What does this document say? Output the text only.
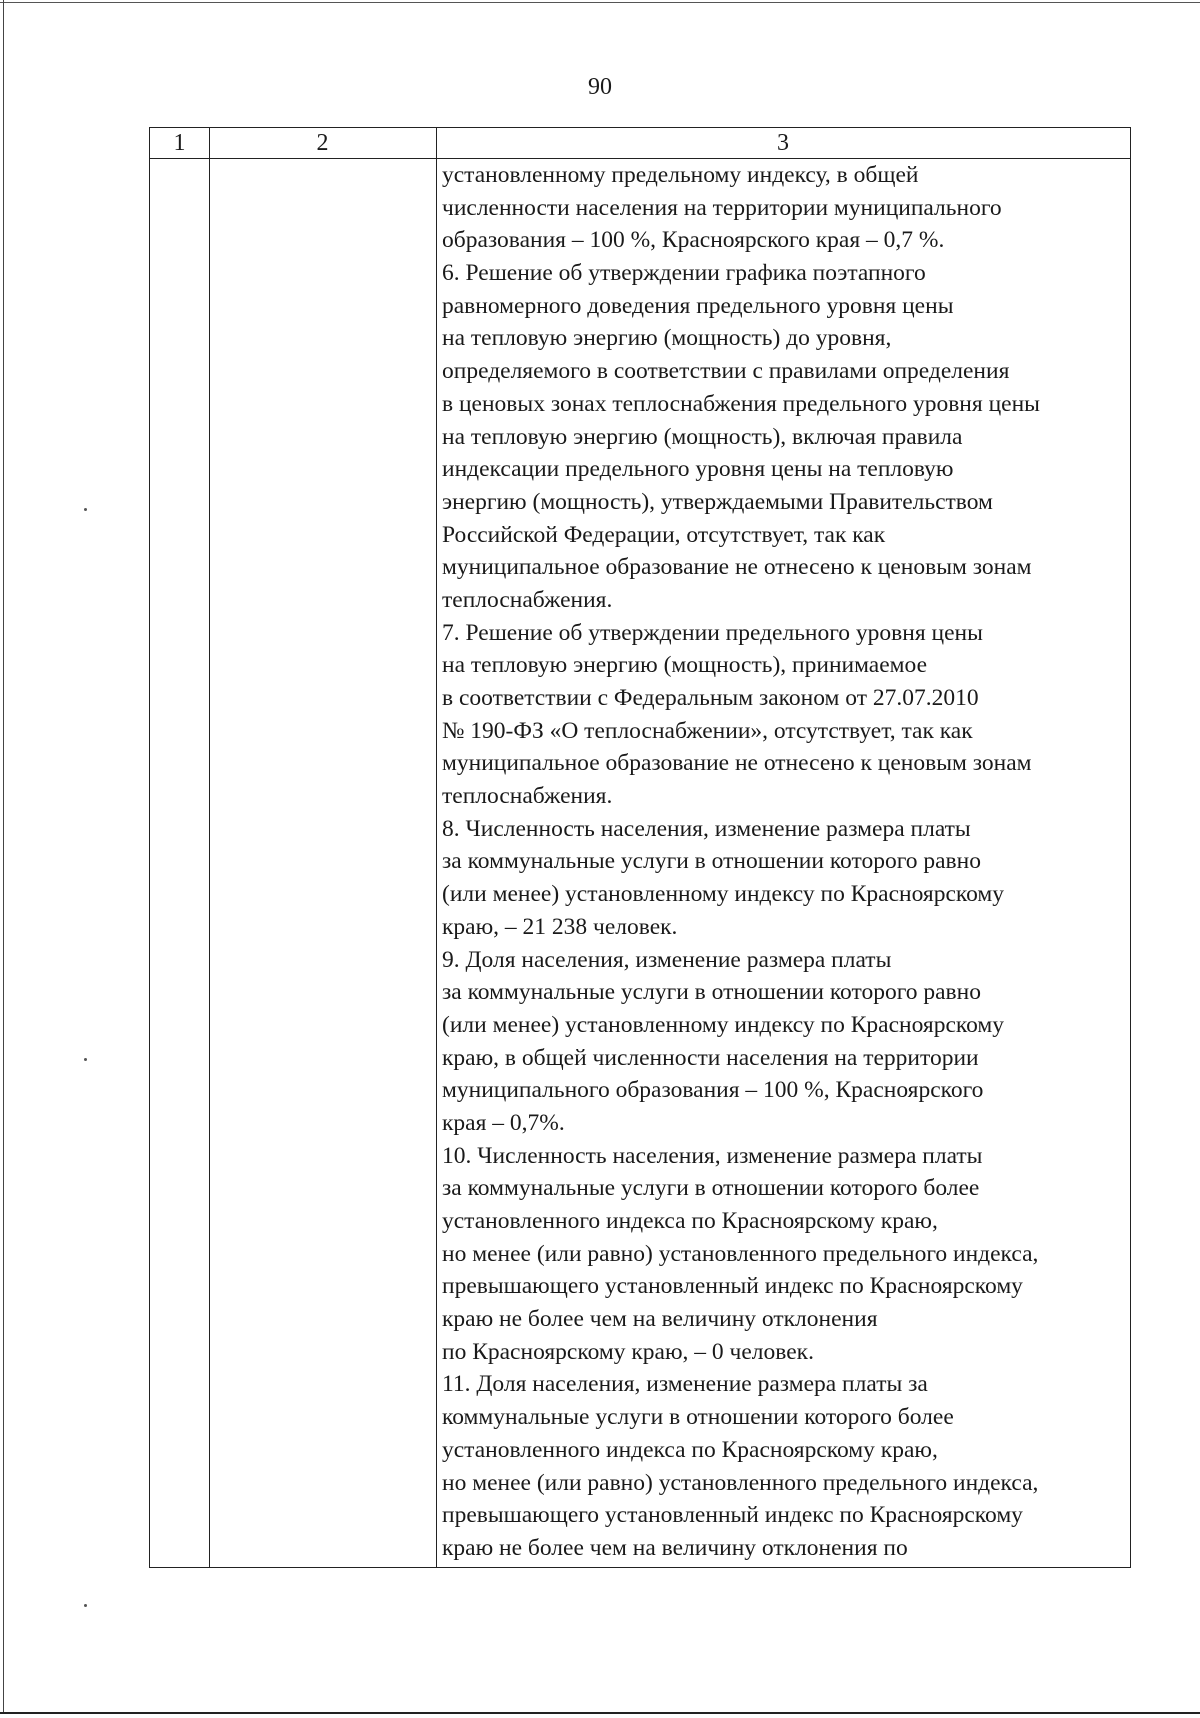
90
1	2	3
установленному предельному индексу, в общей
численности населения на территории муниципального
образования – 100 %, Красноярского края – 0,7 %.
6. Решение об утверждении графика поэтапного
равномерного доведения предельного уровня цены
на тепловую энергию (мощность) до уровня,
определяемого в соответствии с правилами определения
в ценовых зонах теплоснабжения предельного уровня цены
на тепловую энергию (мощность), включая правила
индексации предельного уровня цены на тепловую
энергию (мощность), утверждаемыми Правительством
Российской Федерации, отсутствует, так как
муниципальное образование не отнесено к ценовым зонам
теплоснабжения.
7. Решение об утверждении предельного уровня цены
на тепловую энергию (мощность), принимаемое
в соответствии с Федеральным законом от 27.07.2010
№ 190-ФЗ «О теплоснабжении», отсутствует, так как
муниципальное образование не отнесено к ценовым зонам
теплоснабжения.
8. Численность населения, изменение размера платы
за коммунальные услуги в отношении которого равно
(или менее) установленному индексу по Красноярскому
краю, – 21 238 человек.
9. Доля населения, изменение размера платы
за коммунальные услуги в отношении которого равно
(или менее) установленному индексу по Красноярскому
краю, в общей численности населения на территории
муниципального образования – 100 %, Красноярского
края – 0,7%.
10. Численность населения, изменение размера платы
за коммунальные услуги в отношении которого более
установленного индекса по Красноярскому краю,
но менее (или равно) установленного предельного индекса,
превышающего установленный индекс по Красноярскому
краю не более чем на величину отклонения
по Красноярскому краю, – 0 человек.
11. Доля населения, изменение размера платы за
коммунальные услуги в отношении которого более
установленного индекса по Красноярскому краю,
но менее (или равно) установленного предельного индекса,
превышающего установленный индекс по Красноярскому
краю не более чем на величину отклонения по
